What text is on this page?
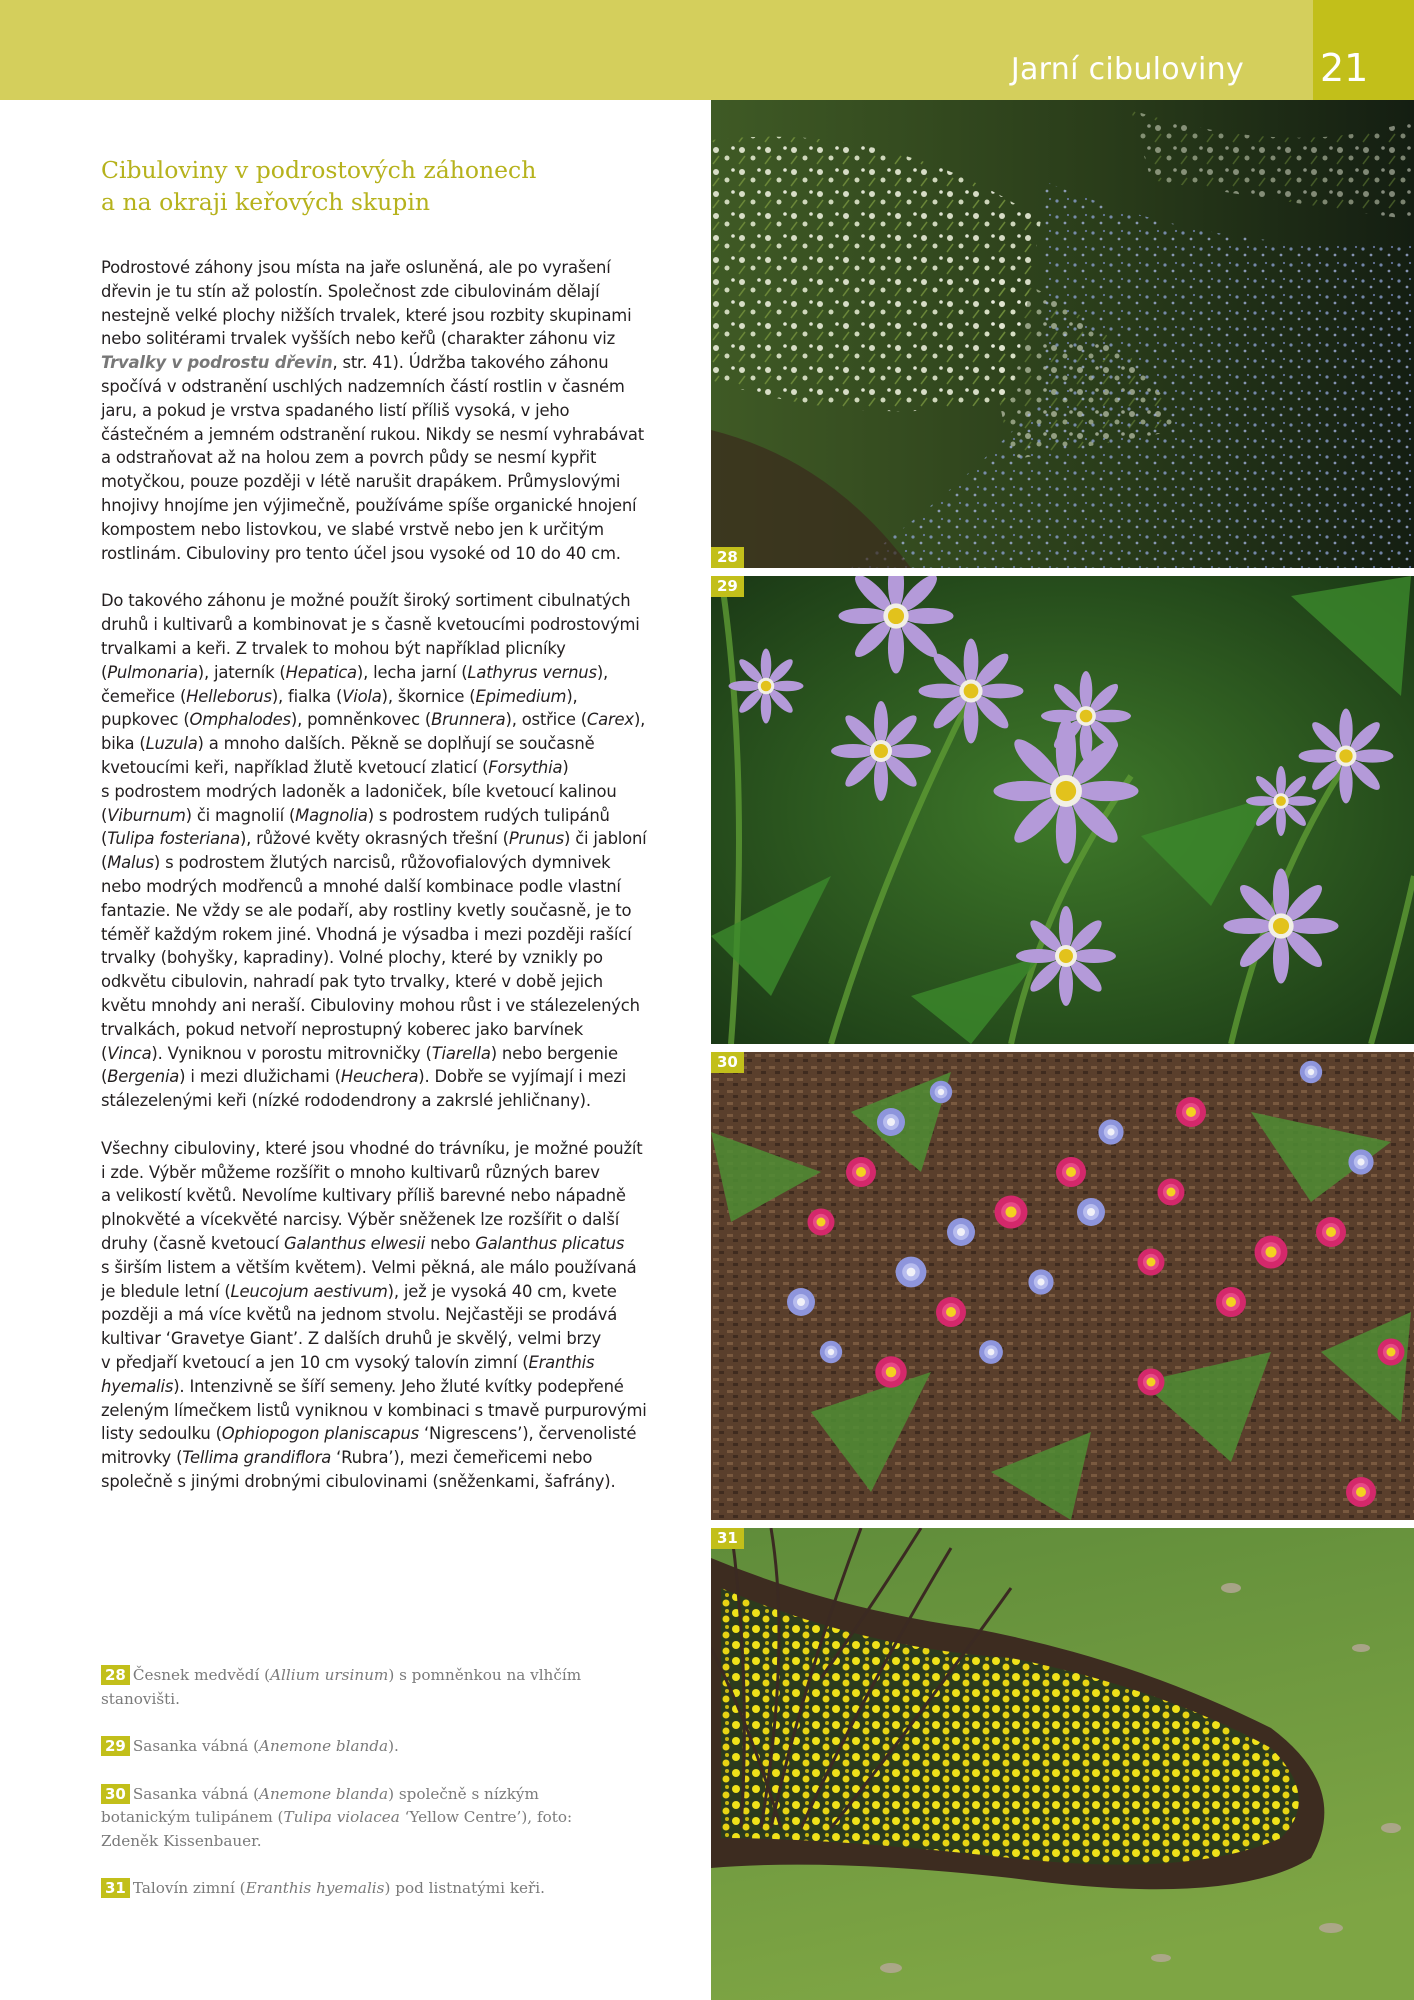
Jarní cibuloviny 21
Cibuloviny v podrostových záhonech
a na okraji keřových skupin

Podrostové záhony jsou místa na jaře osluněná, ale po vyrašení
dřevin je tu stín až polostín. Společnost zde cibulovinám dělají
nestejně velké plochy nižších trvalek, které jsou rozbity skupinami
nebo solitérami trvalek vyšších nebo keřů (charakter záhonu viz
Trvalky v podrostu dřevin, str. 41). Údržba takového záhonu
spočívá v odstranění uschlých nadzemních částí rostlin v časném
jaru, a pokud je vrstva spadaného listí příliš vysoká, v jeho
částečném a jemném odstranění rukou. Nikdy se nesmí vyhrabávat
a odstraňovat až na holou zem a povrch půdy se nesmí kypřit
motyčkou, pouze později v létě narušit drapákem. Průmyslovými
hnojivy hnojíme jen výjimečně, používáme spíše organické hnojení
kompostem nebo listovkou, ve slabé vrstvě nebo jen k určitým
rostlinám. Cibuloviny pro tento účel jsou vysoké od 10 do 40 cm.

Do takového záhonu je možné použít široký sortiment cibulnatých
druhů i kultivarů a kombinovat je s časně kvetoucími podrostovými
trvalkami a keři. Z trvalek to mohou být například plicníky
(Pulmonaria), jaterník (Hepatica), lecha jarní (Lathyrus vernus),
čemeřice (Helleborus), fialka (Viola), škornice (Epimedium),
pupkovec (Omphalodes), pomněnkovec (Brunnera), ostřice (Carex),
bika (Luzula) a mnoho dalších. Pěkně se doplňují se současně
kvetoucími keři, například žlutě kvetoucí zlaticí (Forsythia)
s podrostem modrých ladoněk a ladoniček, bíle kvetoucí kalinou
(Viburnum) či magnolií (Magnolia) s podrostem rudých tulipánů
(Tulipa fosteriana), růžové květy okrasných třešní (Prunus) či jabloní
(Malus) s podrostem žlutých narcisů, růžovofialových dymnivek
nebo modrých modřenců a mnohé další kombinace podle vlastní
fantazie. Ne vždy se ale podaří, aby rostliny kvetly současně, je to
téměř každým rokem jiné. Vhodná je výsadba i mezi později rašící
trvalky (bohyšky, kapradiny). Volné plochy, které by vznikly po
odkvětu cibulovin, nahradí pak tyto trvalky, které v době jejich
květu mnohdy ani neraší. Cibuloviny mohou růst i ve stálezelených
trvalkách, pokud netvoří neprostupný koberec jako barvínek
(Vinca). Vyniknou v porostu mitrovničky (Tiarella) nebo bergenie
(Bergenia) i mezi dlužichami (Heuchera). Dobře se vyjímají i mezi
stálezelenými keři (nízké rododendrony a zakrslé jehličnany).

Všechny cibuloviny, které jsou vhodné do trávníku, je možné použít
i zde. Výběr můžeme rozšířit o mnoho kultivarů různých barev
a velikostí květů. Nevolíme kultivary příliš barevné nebo nápadně
plnokvěté a vícekvěté narcisy. Výběr sněženek lze rozšířit o další
druhy (časně kvetoucí Galanthus elwesii nebo Galanthus plicatus
s širším listem a větším květem). Velmi pěkná, ale málo používaná
je bledule letní (Leucojum aestivum), jež je vysoká 40 cm, kvete
později a má více květů na jednom stvolu. Nejčastěji se prodává
kultivar ‘Gravetye Giant’. Z dalších druhů je skvělý, velmi brzy
v předjaří kvetoucí a jen 10 cm vysoký talovín zimní (Eranthis
hyemalis). Intenzivně se šíří semeny. Jeho žluté kvítky podepřené
zeleným límečkem listů vyniknou v kombinaci s tmavě purpurovými
listy sedoulku (Ophiopogon planiscapus ‘Nigrescens’), červenolisté
mitrovky (Tellima grandiflora ‘Rubra’), mezi čemeřicemi nebo
společně s jinými drobnými cibulovinami (sněženkami, šafrány).

28 Česnek medvědí (Allium ursinum) s pomněnkou na vlhčím
stanovišti.
29 Sasanka vábná (Anemone blanda).
30 Sasanka vábná (Anemone blanda) společně s nízkým
botanickým tulipánem (Tulipa violacea ‘Yellow Centre’), foto:
Zdeněk Kissenbauer.
31 Talovín zimní (Eranthis hyemalis) pod listnatými keři.
28
29
30
31
